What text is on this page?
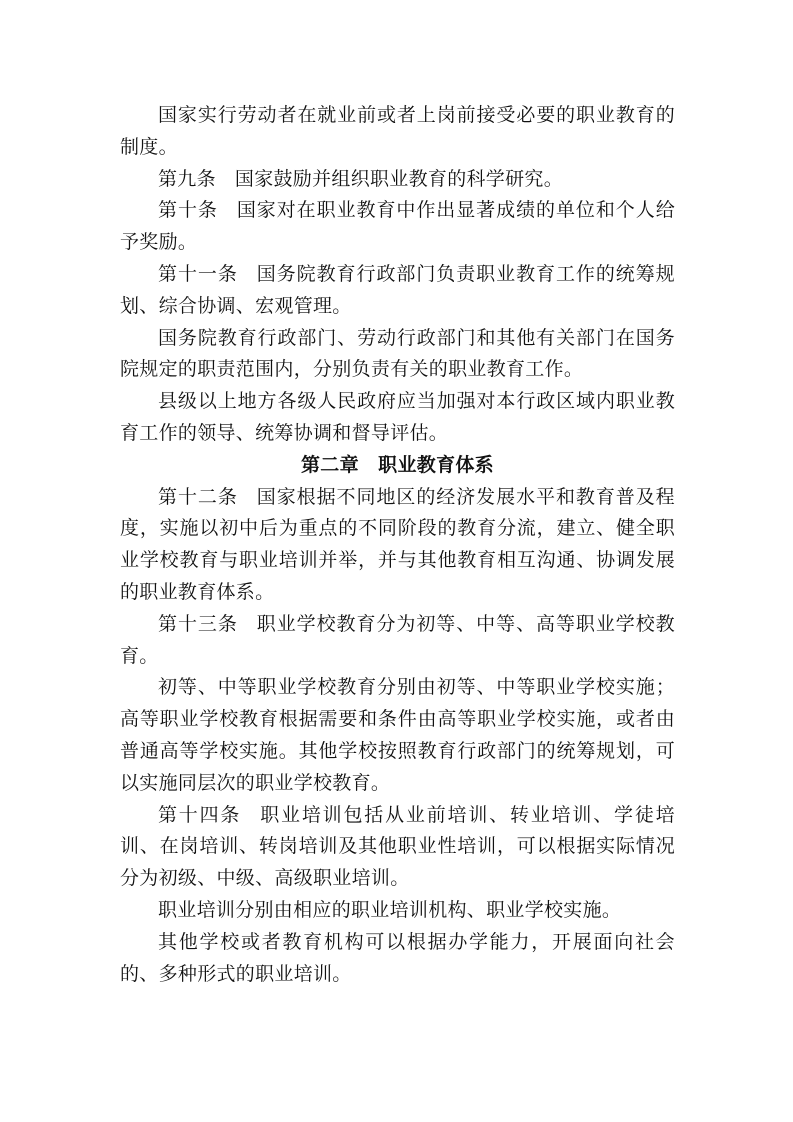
国家实行劳动者在就业前或者上岗前接受必要的职业教育的制度。

第九条 国家鼓励并组织职业教育的科学研究。

第十条 国家对在职业教育中作出显著成绩的单位和个人给予奖励。

第十一条 国务院教育行政部门负责职业教育工作的统筹规划、综合协调、宏观管理。

国务院教育行政部门、劳动行政部门和其他有关部门在国务院规定的职责范围内，分别负责有关的职业教育工作。

县级以上地方各级人民政府应当加强对本行政区域内职业教育工作的领导、统筹协调和督导评估。

第二章　职业教育体系

第十二条 国家根据不同地区的经济发展水平和教育普及程度，实施以初中后为重点的不同阶段的教育分流，建立、健全职业学校教育与职业培训并举，并与其他教育相互沟通、协调发展的职业教育体系。

第十三条 职业学校教育分为初等、中等、高等职业学校教育。

初等、中等职业学校教育分别由初等、中等职业学校实施；高等职业学校教育根据需要和条件由高等职业学校实施，或者由普通高等学校实施。其他学校按照教育行政部门的统筹规划，可以实施同层次的职业学校教育。

第十四条 职业培训包括从业前培训、转业培训、学徒培训、在岗培训、转岗培训及其他职业性培训，可以根据实际情况分为初级、中级、高级职业培训。

职业培训分别由相应的职业培训机构、职业学校实施。

其他学校或者教育机构可以根据办学能力，开展面向社会的、多种形式的职业培训。
